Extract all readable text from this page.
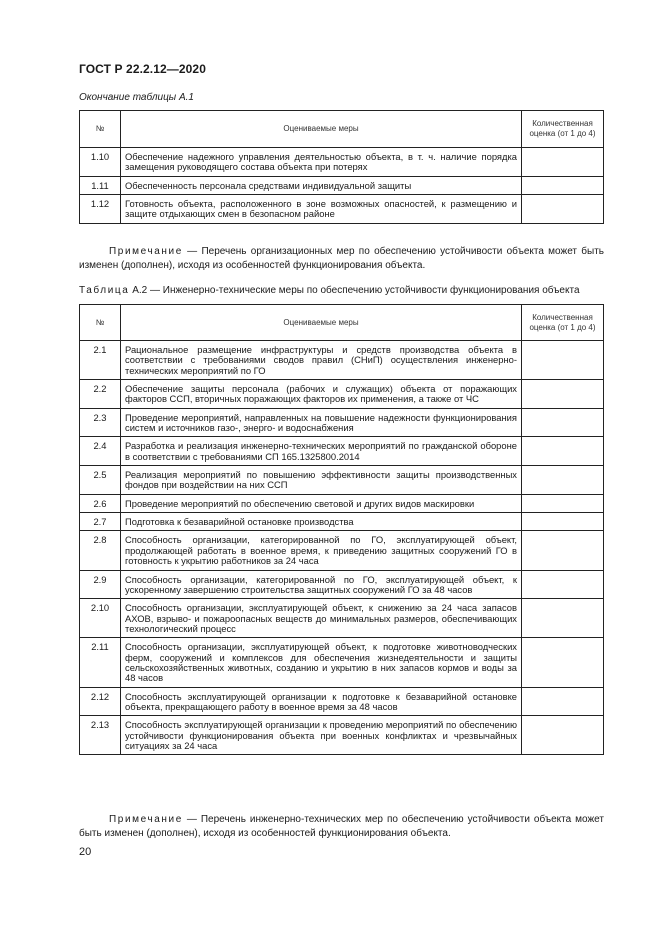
ГОСТ Р 22.2.12—2020
Окончание таблицы А.1
№	Оцениваемые меры	Количественная оценка (от 1 до 4)
1.10	Обеспечение надежного управления деятельностью объекта, в т. ч. наличие порядка замещения руководящего состава объекта при потерях	
1.11	Обеспеченность персонала средствами индивидуальной защиты	
1.12	Готовность объекта, расположенного в зоне возможных опасностей, к размещению и защите отдыхающих смен в безопасном районе	
Примечание — Перечень организационных мер по обеспечению устойчивости объекта может быть изменен (дополнен), исходя из особенностей функционирования объекта.
Таблица А.2 — Инженерно-технические меры по обеспечению устойчивости функционирования объекта
№	Оцениваемые меры	Количественная оценка (от 1 до 4)
2.1	Рациональное размещение инфраструктуры и средств производства объекта в соответствии с требованиями сводов правил (СНиП) осуществления инженерно-технических мероприятий по ГО	
2.2	Обеспечение защиты персонала (рабочих и служащих) объекта от поражающих факторов ССП, вторичных поражающих факторов их применения, а также от ЧС	
2.3	Проведение мероприятий, направленных на повышение надежности функционирования систем и источников газо-, энерго- и водоснабжения	
2.4	Разработка и реализация инженерно-технических мероприятий по гражданской обороне в соответствии с требованиями СП 165.1325800.2014	
2.5	Реализация мероприятий по повышению эффективности защиты производственных фондов при воздействии на них ССП	
2.6	Проведение мероприятий по обеспечению световой и других видов маскировки	
2.7	Подготовка к безаварийной остановке производства	
2.8	Способность организации, категорированной по ГО, эксплуатирующей объект, продолжающей работать в военное время, к приведению защитных сооружений ГО в готовность к укрытию работников за 24 часа	
2.9	Способность организации, категорированной по ГО, эксплуатирующей объект, к ускоренному завершению строительства защитных сооружений ГО за 48 часов	
2.10	Способность организации, эксплуатирующей объект, к снижению за 24 часа запасов АХОВ, взрыво- и пожароопасных веществ до минимальных размеров, обеспечивающих технологический процесс	
2.11	Способность организации, эксплуатирующей объект, к подготовке животноводческих ферм, сооружений и комплексов для обеспечения жизнедеятельности и защиты сельскохозяйственных животных, созданию и укрытию в них запасов кормов и воды за 48 часов	
2.12	Способность эксплуатирующей организации к подготовке к безаварийной остановке объекта, прекращающего работу в военное время за 48 часов	
2.13	Способность эксплуатирующей организации к проведению мероприятий по обеспечению устойчивости функционирования объекта при военных конфликтах и чрезвычайных ситуациях за 24 часа	
Примечание — Перечень инженерно-технических мер по обеспечению устойчивости объекта может быть изменен (дополнен), исходя из особенностей функционирования объекта.
20
